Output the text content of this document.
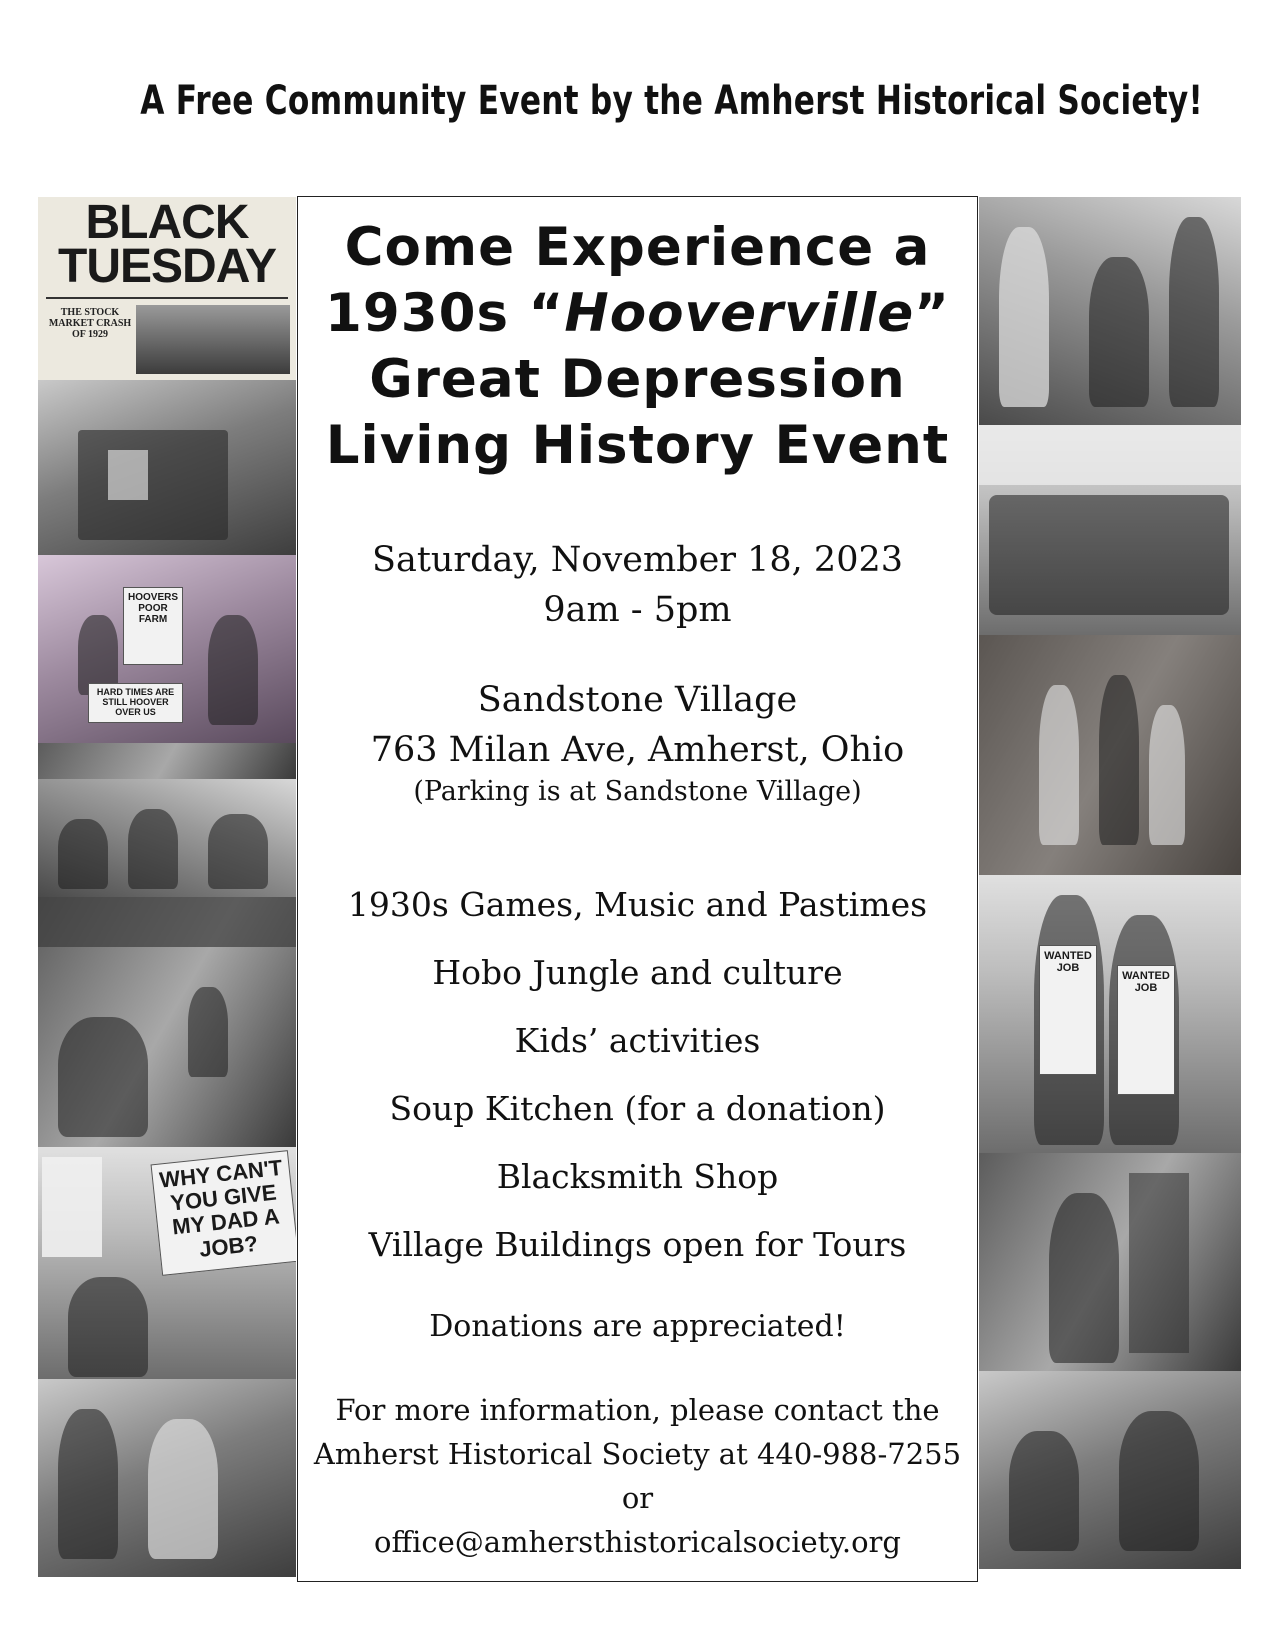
A Free Community Event by the Amherst Historical Society!
BLACK
TUESDAY
THE STOCK MARKET CRASH OF 1929
HOOVERS POOR FARM
HARD TIMES ARE STILL HOOVER OVER US
WHY CAN'T YOU GIVE MY DAD A JOB?
Come Experience a
1930s “Hooverville”
Great Depression
Living History Event
Saturday, November 18, 2023
9am - 5pm
Sandstone Village
763 Milan Ave, Amherst, Ohio
(Parking is at Sandstone Village)
1930s Games, Music and Pastimes
Hobo Jungle and culture
Kids’ activities
Soup Kitchen (for a donation)
Blacksmith Shop
Village Buildings open for Tours
Donations are appreciated!
For more information, please contact the
Amherst Historical Society at 440-988-7255 or
office@amhersthistoricalsociety.org
WANTED JOB
WANTED JOB
